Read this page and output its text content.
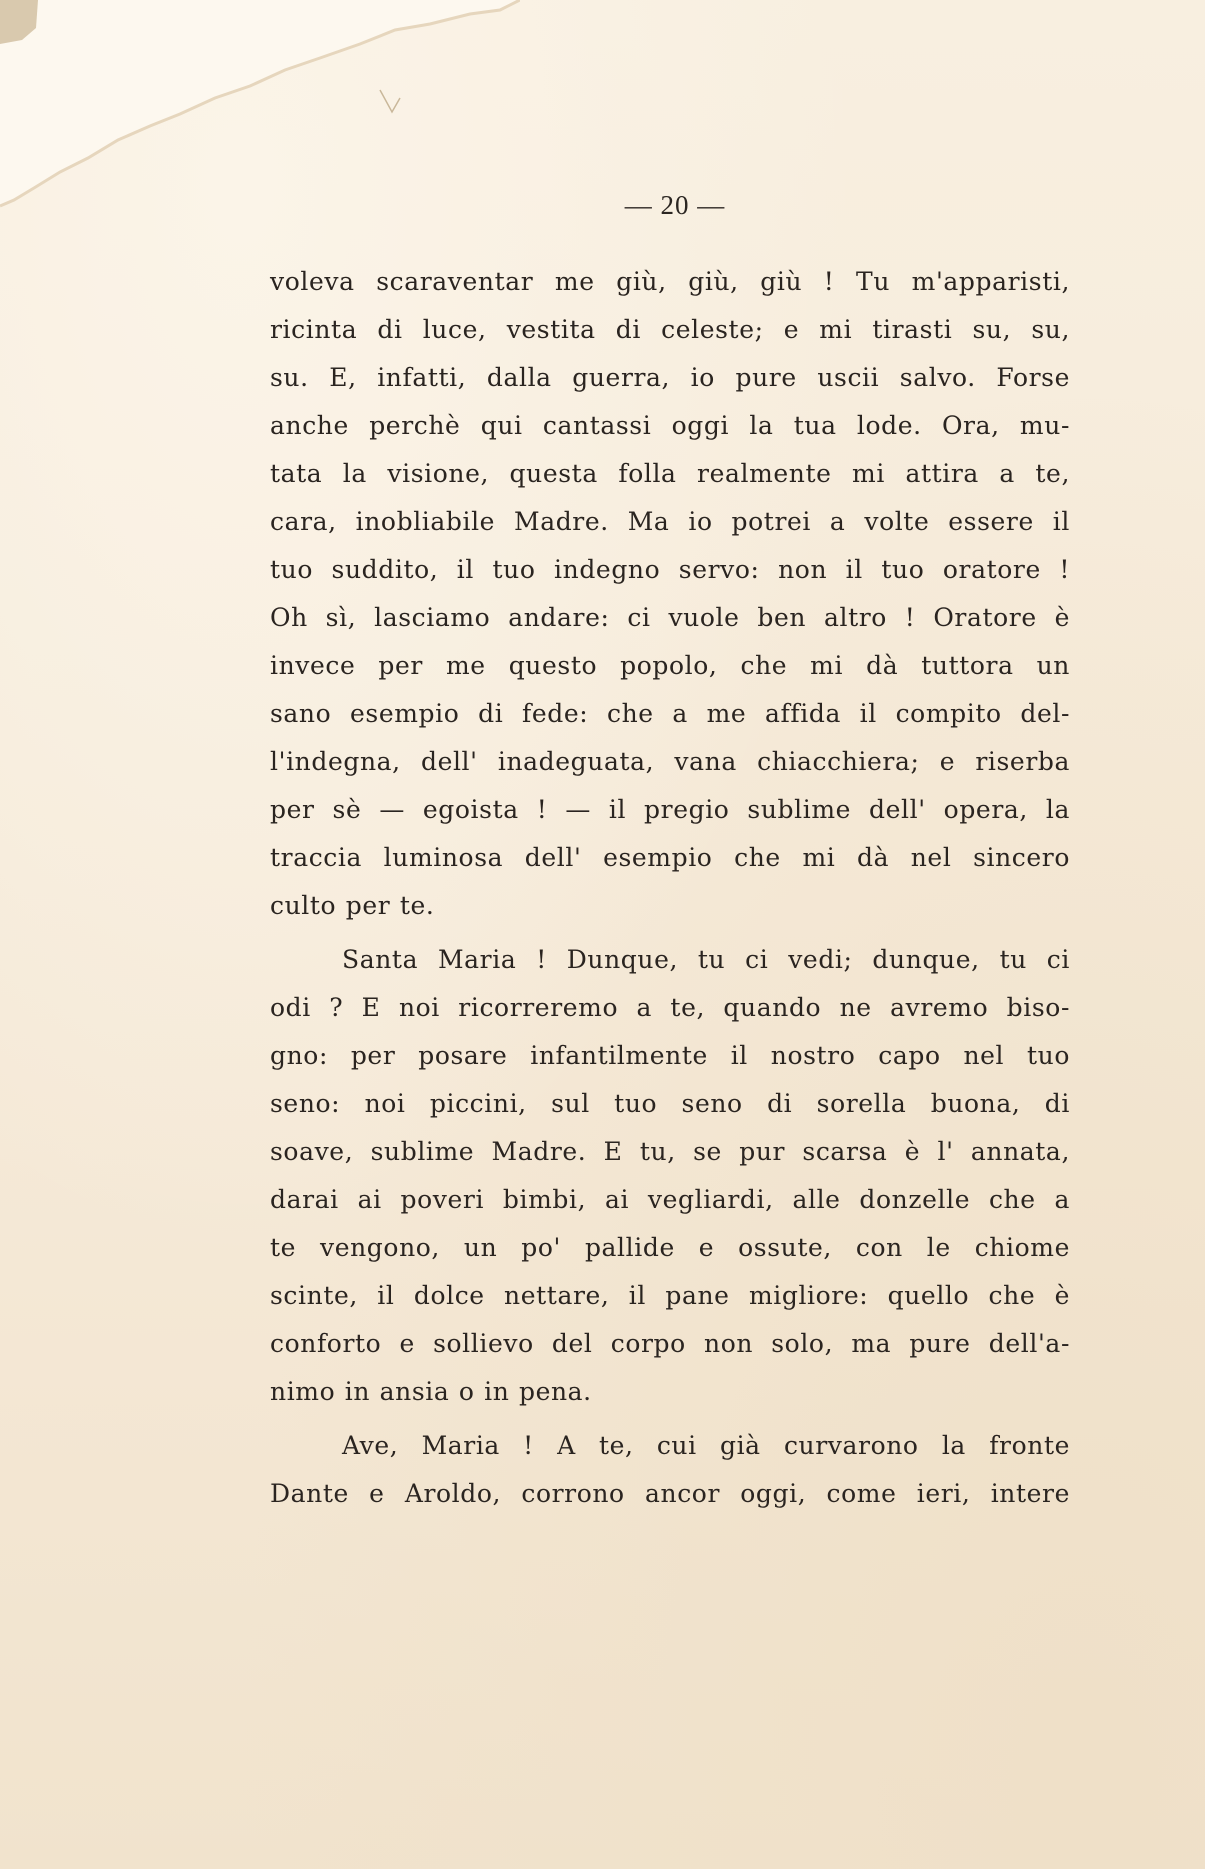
— 20 —
voleva scaraventar me giù, giù, giù ! Tu m'apparisti,
ricinta di luce, vestita di celeste; e mi tirasti su, su,
su. E, infatti, dalla guerra, io pure uscii salvo. Forse
anche perchè qui cantassi oggi la tua lode. Ora, mu-
tata la visione, questa folla realmente mi attira a te,
cara, inobliabile Madre. Ma io potrei a volte essere il
tuo suddito, il tuo indegno servo: non il tuo oratore !
Oh sì, lasciamo andare: ci vuole ben altro ! Oratore è
invece per me questo popolo, che mi dà tuttora un
sano esempio di fede: che a me affida il compito del-
l'indegna, dell' inadeguata, vana chiacchiera; e riserba
per sè — egoista ! — il pregio sublime dell' opera, la
traccia luminosa dell' esempio che mi dà nel sincero
culto per te.
Santa Maria ! Dunque, tu ci vedi; dunque, tu ci
odi ? E noi ricorreremo a te, quando ne avremo biso-
gno: per posare infantilmente il nostro capo nel tuo
seno: noi piccini, sul tuo seno di sorella buona, di
soave, sublime Madre. E tu, se pur scarsa è l' annata,
darai ai poveri bimbi, ai vegliardi, alle donzelle che a
te vengono, un po' pallide e ossute, con le chiome
scinte, il dolce nettare, il pane migliore: quello che è
conforto e sollievo del corpo non solo, ma pure dell'a-
nimo in ansia o in pena.
Ave, Maria ! A te, cui già curvarono la fronte
Dante e Aroldo, corrono ancor oggi, come ieri, intere
